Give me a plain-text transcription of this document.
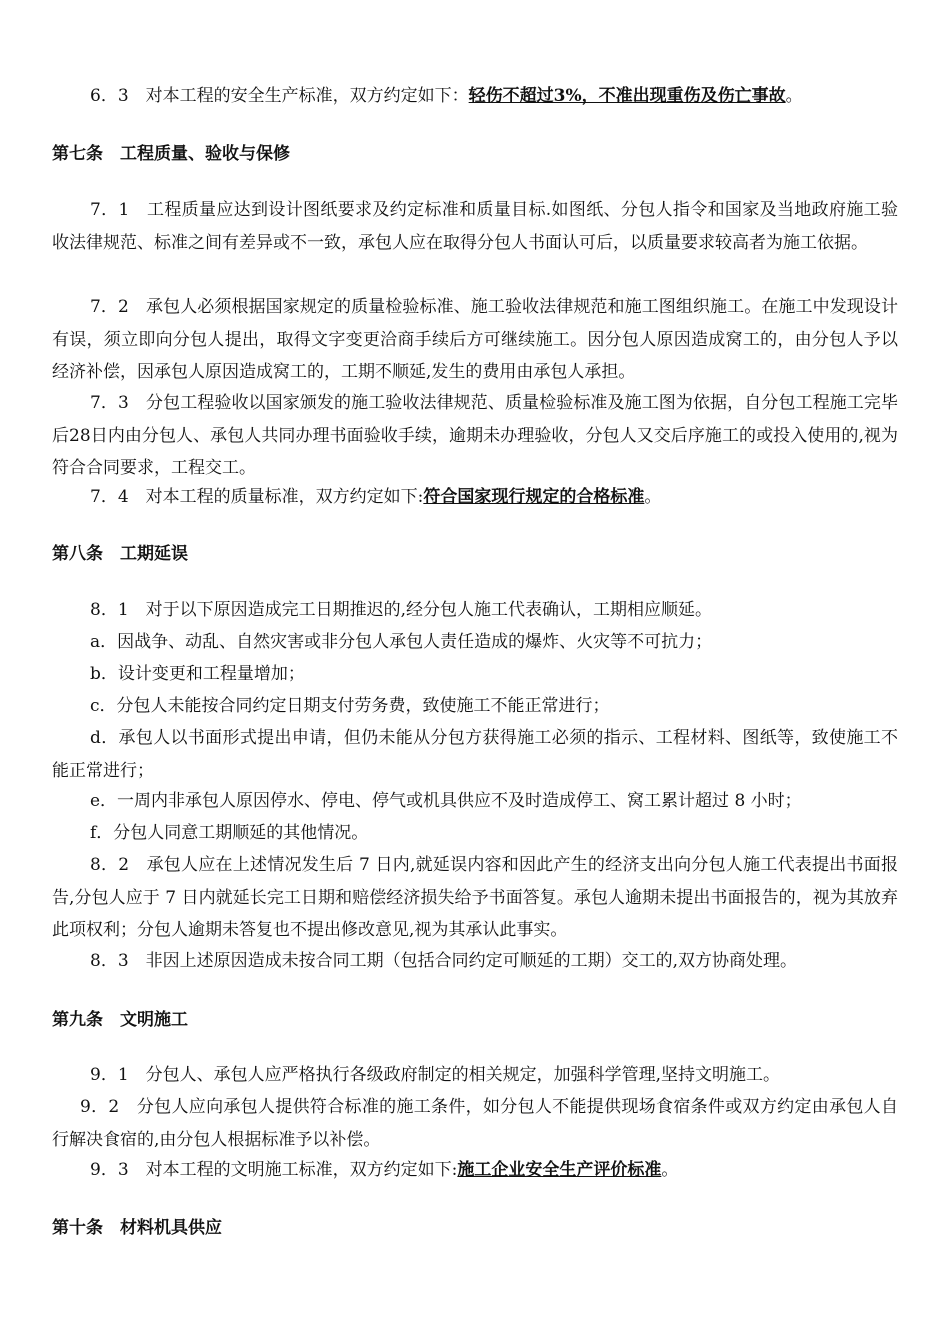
6．3　对本工程的安全生产标准，双方约定如下：轻伤不超过3%，不准出现重伤及伤亡事故。

第七条　工程质量、验收与保修

7．1　工程质量应达到设计图纸要求及约定标准和质量目标.如图纸、分包人指令和国家及当地政府施工验收法律规范、标准之间有差异或不一致，承包人应在取得分包人书面认可后，以质量要求较高者为施工依据。

7．2　承包人必须根据国家规定的质量检验标准、施工验收法律规范和施工图组织施工。在施工中发现设计有误，须立即向分包人提出，取得文字变更洽商手续后方可继续施工。因分包人原因造成窝工的，由分包人予以经济补偿，因承包人原因造成窝工的，工期不顺延,发生的费用由承包人承担。

7．3　分包工程验收以国家颁发的施工验收法律规范、质量检验标准及施工图为依据，自分包工程施工完毕后28日内由分包人、承包人共同办理书面验收手续，逾期未办理验收，分包人又交后序施工的或投入使用的,视为符合合同要求，工程交工。

7．4　对本工程的质量标准，双方约定如下:符合国家现行规定的合格标准。

第八条　工期延误

8．1　对于以下原因造成完工日期推迟的,经分包人施工代表确认，工期相应顺延。

a．因战争、动乱、自然灾害或非分包人承包人责任造成的爆炸、火灾等不可抗力；

b．设计变更和工程量增加；

c．分包人未能按合同约定日期支付劳务费，致使施工不能正常进行；

d．承包人以书面形式提出申请，但仍未能从分包方获得施工必须的指示、工程材料、图纸等，致使施工不能正常进行；

e．一周内非承包人原因停水、停电、停气或机具供应不及时造成停工、窝工累计超过 8 小时；

f．分包人同意工期顺延的其他情况。

8．2　承包人应在上述情况发生后 7 日内,就延误内容和因此产生的经济支出向分包人施工代表提出书面报告,分包人应于 7 日内就延长完工日期和赔偿经济损失给予书面答复。承包人逾期未提出书面报告的，视为其放弃此项权利；分包人逾期未答复也不提出修改意见,视为其承认此事实。

8．3　非因上述原因造成未按合同工期（包括合同约定可顺延的工期）交工的,双方协商处理。

第九条　文明施工

9．1　分包人、承包人应严格执行各级政府制定的相关规定，加强科学管理,坚持文明施工。

9．2　分包人应向承包人提供符合标准的施工条件，如分包人不能提供现场食宿条件或双方约定由承包人自行解决食宿的,由分包人根据标准予以补偿。

9．3　对本工程的文明施工标准，双方约定如下:施工企业安全生产评价标准。

第十条　材料机具供应
